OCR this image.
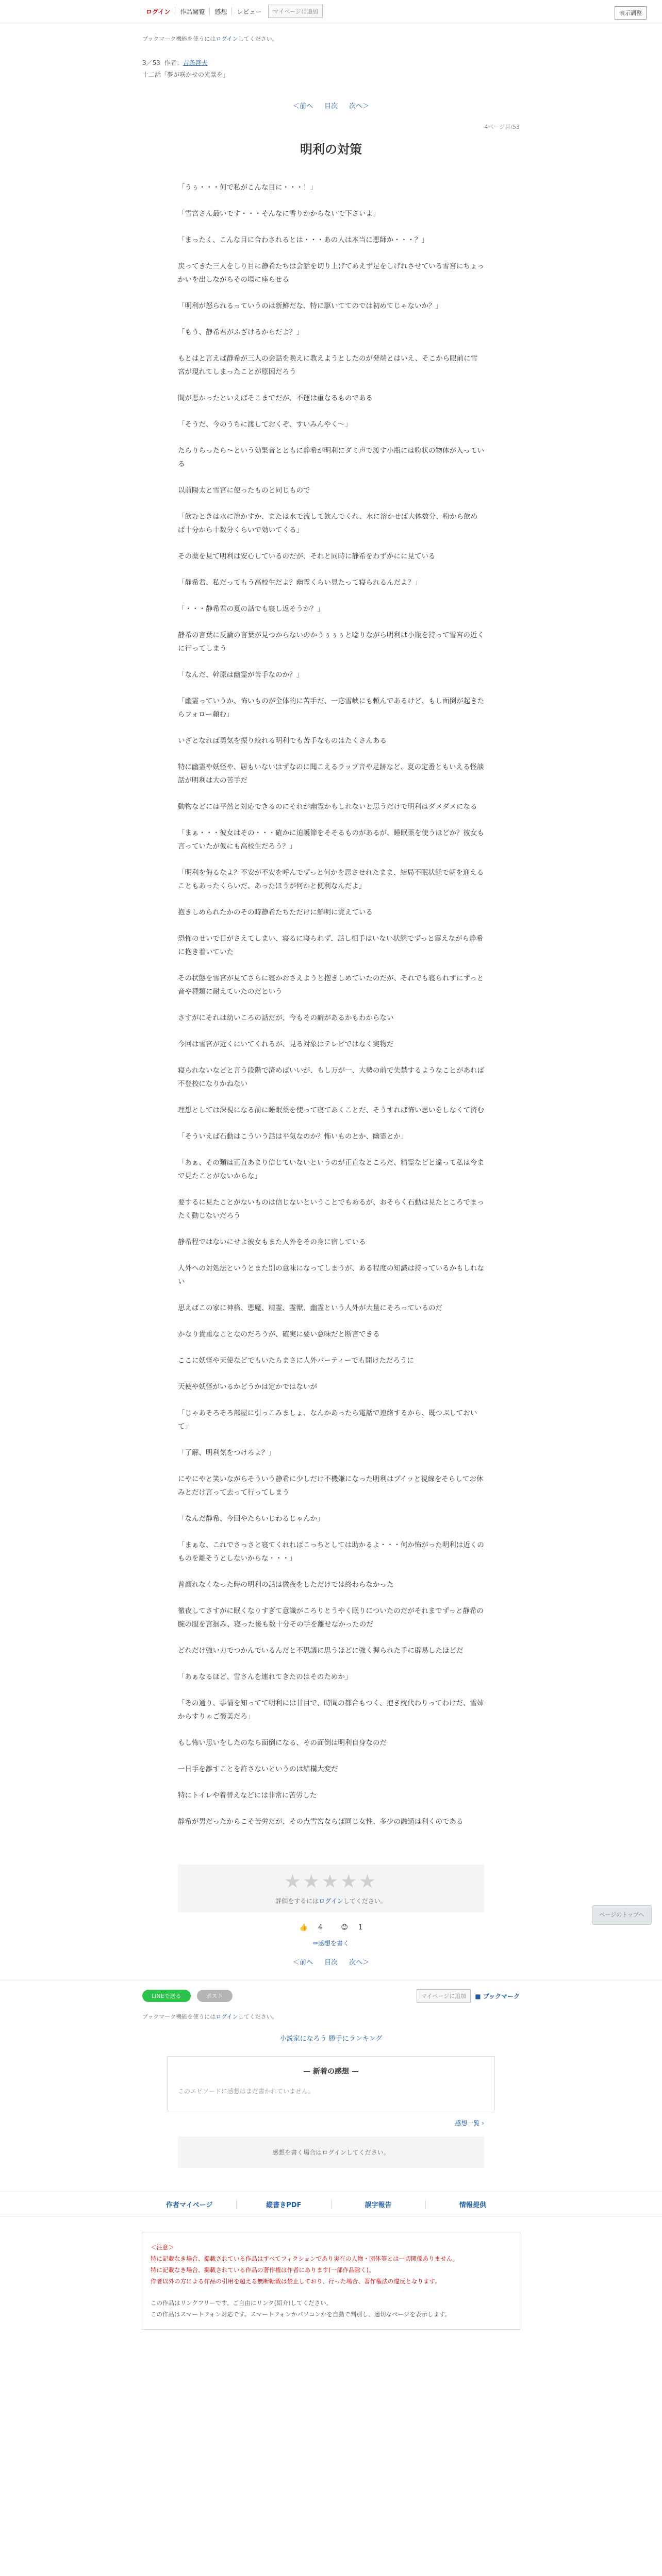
ログイン	作品閲覧	感想	レビュー	マイページに追加	表示調整
ブックマーク機能を使うにはログインしてください。
3／53 作者：吉条啓夫
十二話「夢が咲かせの光景を」
＜前へ 目次 次へ＞
4ページ目/53
明利の対策

「うぅ・・・何で私がこんな目に・・・！」

「雪宮さん最いです・・・そんなに香りかからないで下さいよ」

「まったく、こんな目に合わされるとは・・・あの人は本当に悪師か・・・？」

戻ってきた三人をしり目に静希たちは会話を切り上げてあえず足をしげれさせている雪宮にちょっかいを出しながらその場に座らせる

「明利が怒られるっていうのは新鮮だな、特に駆いててのでは初めてじゃないか？」

「もう、静希君がふざけるからだよ？」

もとはと言えば静希が三人の会話を晩えに教えようとしたのが発端とはいえ、そこから眼前に雪宮が現れてしまったことが原因だろう

間が悪かったといえばそこまでだが、不運は重なるものである

「そうだ、今のうちに渡しておくぞ、すいみんやく〜」

たらりらったら〜という効果音とともに静希が明利にダミ声で渡す小瓶には粉状の物体が入っている

以前陽太と雪宮に使ったものと同じもので

「飲むときは水に溶かすか、または水で流して飲んでくれ、水に溶かせば大体数分、粉から飲めば十分から十数分くらいで効いてくる」

その薬を見て明利は安心しているのだが、それと同時に静希をわずかにに見ている

「静希君、私だってもう高校生だよ？幽霊くらい見たって寝られるんだよ？」

「・・・静希君の夏の話でも寝し返そうか？」

静希の言葉に反論の言葉が見つからないのかうぅぅぅと唸りながら明利は小瓶を持って雪宮の近くに行ってしまう

「なんだ、幹原は幽霊が苦手なのか？」

「幽霊っていうか、怖いものが全体的に苦手だ、一応雪峡にも頼んであるけど、もし面倒が起きたらフォロー頼む」

いざとなれば勇気を振り絞れる明利でも苦手なものはたくさんある

特に幽霊や妖怪や、居もいないはずなのに聞こえるラップ音や足跡など、夏の定番ともいえる怪談話が明利は大の苦手だ

動物などには平然と対応できるのにそれが幽霊かもしれないと思うだけで明利はダメダメになる

「まぁ・・・彼女はその・・・確かに迫護節をそそるものがあるが、睡眠薬を使うほどか？彼女も言っていたが仮にも高校生だろう？」

「明利を侮るなよ？不安が不安を呼んでずっと何かを思させれたまま、結局不眠状態で朝を迎えることもあったくらいだ、あったほうが何かと便利なんだよ」

抱きしめられたかのその時静希たちただけに鮮明に覚えている

恐怖のせいで目がさえてしまい、寝るに寝られず、話し相手はいない状態でずっと震えながら静希に抱き着いていた

その状態を雪宮が見てさらに寝かおさえようと抱きしめていたのだが、それでも寝られずにずっと音や種類に耐えていたのだという

さすがにそれは幼いころの話だが、今もその癖があるかもわからない

今回は雪宮が近くにいてくれるが、見る対象はテレビではなく実物だ

寝られないなどと言う段階で済めばいいが、もし万が一、大勢の前で失禁するようなことがあれば不登校になりかねない

理想としては深視になる前に睡眠薬を使って寝てあくことだ、そうすれば怖い思いをしなくて済む

「そういえば石動はこういう話は平気なのか？怖いものとか、幽霊とか」

「あぁ、その類は正直あまり信じていないというのが正直なところだ、精霊などと違って私は今まで見たことがないからな」

要するに見たことがないものは信じないということでもあるが、おそらく石動は見たところでまったく動じないだろう

静希程ではないにせよ彼女もまた人外をその身に宿している

人外への対処法というとまた別の意味になってしまうが、ある程度の知識は持っているかもしれない

思えばこの家に神格、悪魔、精霊、霊獣、幽霊という人外が大量にそろっているのだ

かなり貴重なことなのだろうが、確実に要い意味だと断言できる

ここに妖怪や天使などでもいたらまさに人外パーティーでも開けただろうに

天使や妖怪がいるかどうかは定かではないが

「じゃあそろそろ部屋に引っこみましょ、なんかあったら電話で連絡するから、既つぶしておいて」

「了解、明利気をつけろよ？」

にやにやと笑いながらそういう静希に少しだけ不機嫌になった明利はプイッと視線をそらしてお休みとだけ言って去って行ってしまう

「なんだ静希、今回やたらいじわるじゃんか」

「まぁな、これでさっさと寝てくれればこっちとしては助かるよ・・・何か怖がった明利は近くのものを離そうとしないからな・・・」

普顔れなくなった時の明利の話は微夜をしただけでは終わらなかった

徹夜してさすがに眠くなりすぎて意識がころりとうやく眠りについたのだがそれまでずっと静希の腕の服を言掴み、寝った後も数十分その手を離せなかったのだ

どれだけ強い力でつかんでいるんだと不思議に思うほどに強く握られた手に辟易したほどだ

「あぁなるほど、雪さんを連れてきたのはそのためか」

「その通り、事情を知ってて明利には甘目で、時間の都合もつく、抱き枕代わりってわけだ、雪姉からすりゃご褒美だろ」

もし怖い思いをしたのなら面倒になる、その面倒は明利自身なのだ

一日手を離すことを許さないというのは結構大変だ

特にトイレや着替えなどには非常に苦労した

静希が男だったからこそ苦労だが、その点雪宮ならば同じ女性、多少の融通は利くのである

★★★★★
評価をするにはログインしてください。
👍 4	😊 1
✏感想を書く
＜前へ 目次 次へ＞
LINEで送る	ポスト	マイページに追加	■ ブックマーク
ブックマーク機能を使うにはログインしてください。
小説家になろう 勝手にランキング
— 新着の感想 —
このエピソードに感想はまだ書かれていません。
感想一覧 ›
感想を書く場合はログインしてください。
作者マイページ	縦書きPDF	誤字報告	情報提供
＜注意＞
特に記載なき場合、掲載されている作品はすべてフィクションであり実在の人物・団体等とは一切関係ありません。
特に記載なき場合、掲載されている作品の著作権は作者にあります(一部作品除く)。
作者以外の方による作品の引用を超える無断転載は禁止しており、行った場合、著作権法の違反となります。
この作品はリンクフリーです。ご自由にリンク(紹介)してください。
この作品はスマートフォン対応です。スマートフォンかパソコンかを自動で判別し、適切なページを表示します。
ページのトップへ
